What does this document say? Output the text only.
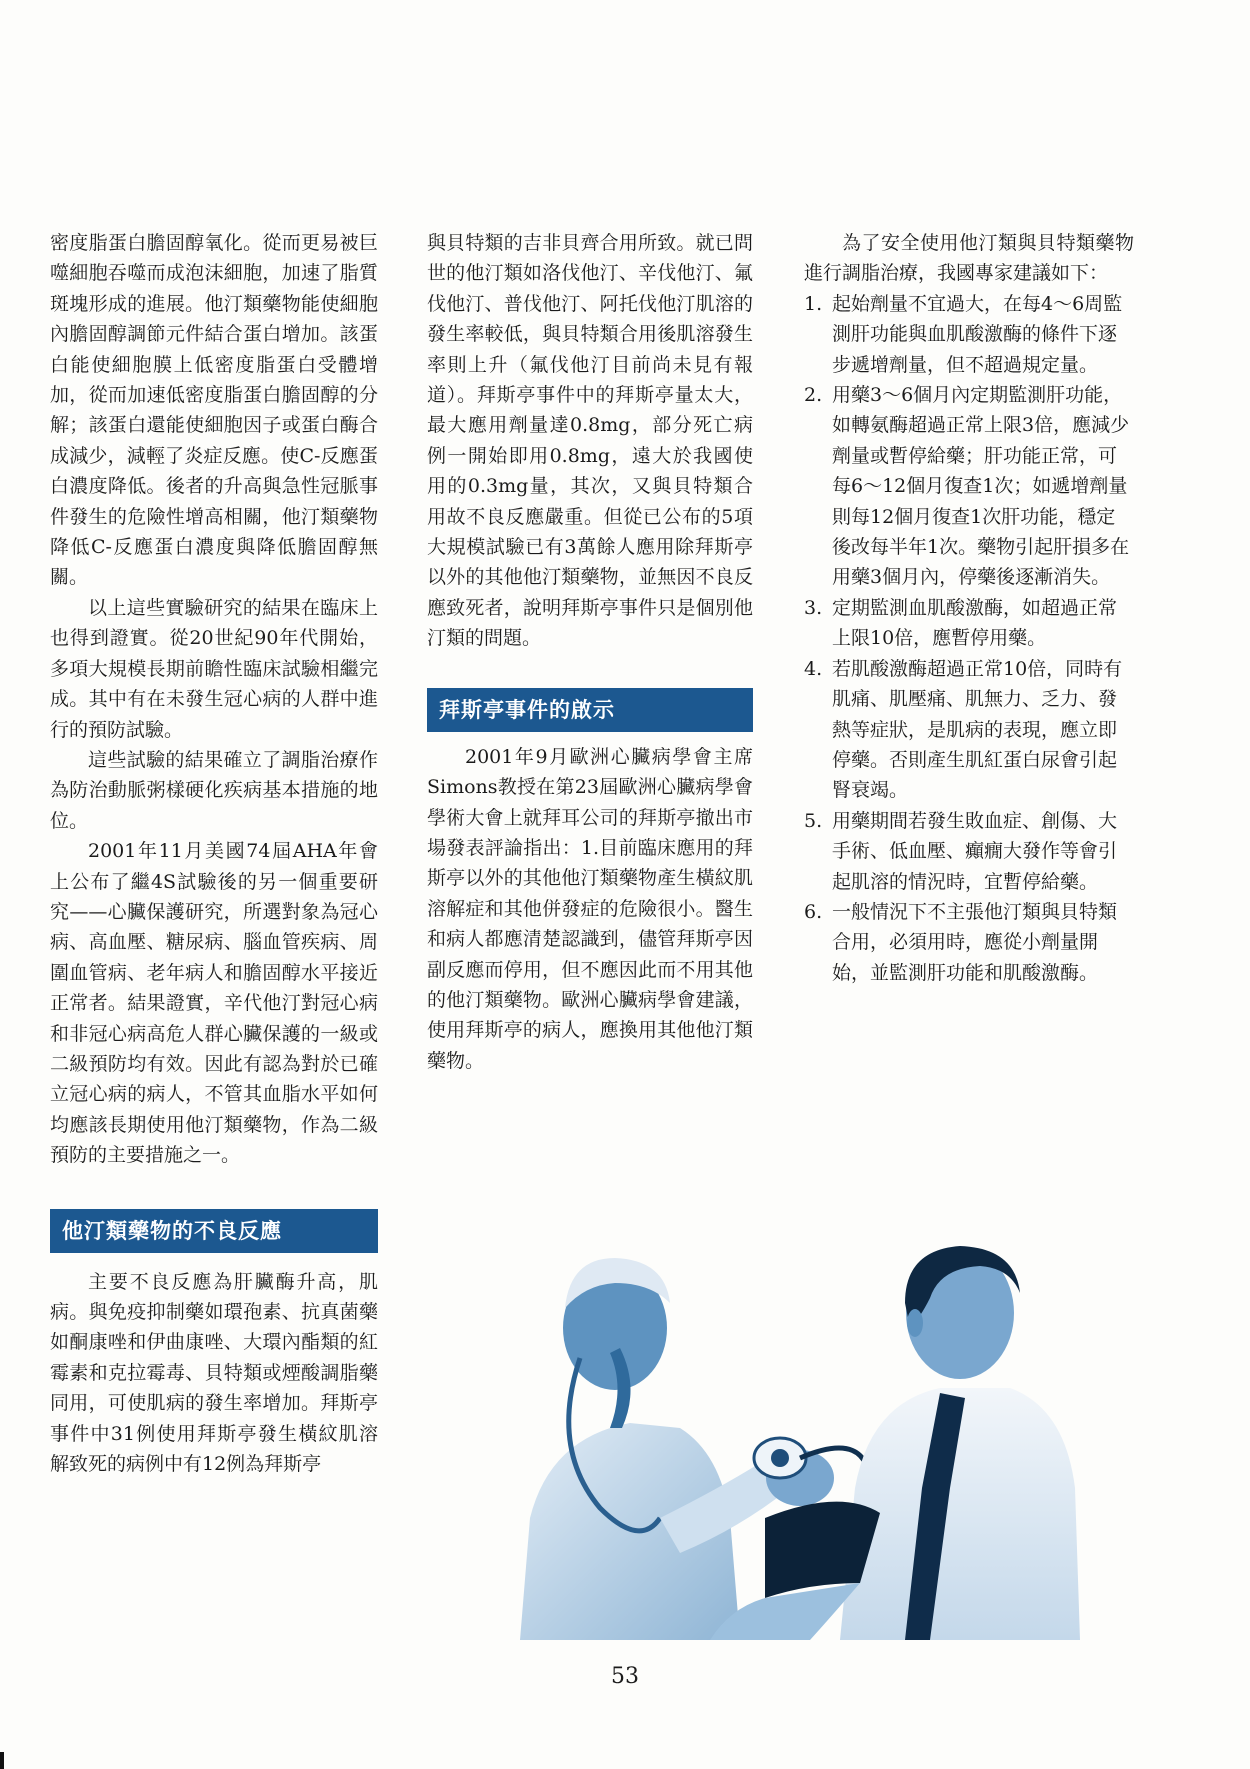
密度脂蛋白膽固醇氧化。從而更易被巨噬細胞吞噬而成泡沫細胞，加速了脂質斑塊形成的進展。他汀類藥物能使細胞內膽固醇調節元件結合蛋白增加。該蛋白能使細胞膜上低密度脂蛋白受體增加，從而加速低密度脂蛋白膽固醇的分解；該蛋白還能使細胞因子或蛋白酶合成減少，減輕了炎症反應。使C-反應蛋白濃度降低。後者的升高與急性冠脈事件發生的危險性增高相關，他汀類藥物降低C-反應蛋白濃度與降低膽固醇無關。

以上這些實驗研究的結果在臨床上也得到證實。從20世紀90年代開始，多項大規模長期前瞻性臨床試驗相繼完成。其中有在未發生冠心病的人群中進行的預防試驗。

這些試驗的結果確立了調脂治療作為防治動脈粥樣硬化疾病基本措施的地位。

2001年11月美國74屆AHA年會上公布了繼4S試驗後的另一個重要研究——心臟保護研究，所選對象為冠心病、高血壓、糖尿病、腦血管疾病、周圍血管病、老年病人和膽固醇水平接近正常者。結果證實，辛代他汀對冠心病和非冠心病高危人群心臟保護的一級或二級預防均有效。因此有認為對於已確立冠心病的病人，不管其血脂水平如何均應該長期使用他汀類藥物，作為二級預防的主要措施之一。

他汀類藥物的不良反應

主要不良反應為肝臟酶升高，肌病。與免疫抑制藥如環孢素、抗真菌藥如酮康唑和伊曲康唑、大環內酯類的紅霉素和克拉霉毒、貝特類或煙酸調脂藥同用，可使肌病的發生率增加。拜斯亭事件中31例使用拜斯亭發生橫紋肌溶解致死的病例中有12例為拜斯亭

與貝特類的吉非貝齊合用所致。就已問世的他汀類如洛伐他汀、辛伐他汀、氟伐他汀、普伐他汀、阿托伐他汀肌溶的發生率較低，與貝特類合用後肌溶發生率則上升（氟伐他汀目前尚未見有報道）。拜斯亭事件中的拜斯亭量太大，最大應用劑量達0.8mg，部分死亡病例一開始即用0.8mg，遠大於我國使用的0.3mg量，其次，又與貝特類合用故不良反應嚴重。但從已公布的5項大規模試驗已有3萬餘人應用除拜斯亭以外的其他他汀類藥物，並無因不良反應致死者，說明拜斯亭事件只是個別他汀類的問題。

拜斯亭事件的啟示

2001年9月歐洲心臟病學會主席Simons教授在第23屆歐洲心臟病學會學術大會上就拜耳公司的拜斯亭撤出市場發表評論指出：1.目前臨床應用的拜斯亭以外的其他他汀類藥物產生橫紋肌溶解症和其他併發症的危險很小。醫生和病人都應清楚認識到，儘管拜斯亭因副反應而停用，但不應因此而不用其他的他汀類藥物。歐洲心臟病學會建議，使用拜斯亭的病人，應換用其他他汀類藥物。

為了安全使用他汀類與貝特類藥物進行調脂治療，我國專家建議如下：

1. 起始劑量不宜過大，在每4～6周監測肝功能與血肌酸激酶的條件下逐步遞增劑量，但不超過規定量。
2. 用藥3～6個月內定期監測肝功能，如轉氨酶超過正常上限3倍，應減少劑量或暫停給藥；肝功能正常，可每6～12個月復查1次；如遞增劑量則每12個月復查1次肝功能，穩定後改每半年1次。藥物引起肝損多在用藥3個月內，停藥後逐漸消失。
3. 定期監測血肌酸激酶，如超過正常上限10倍，應暫停用藥。
4. 若肌酸激酶超過正常10倍，同時有肌痛、肌壓痛、肌無力、乏力、發熱等症狀，是肌病的表現，應立即停藥。否則產生肌紅蛋白尿會引起腎衰竭。
5. 用藥期間若發生敗血症、創傷、大手術、低血壓、癲癇大發作等會引起肌溶的情況時，宜暫停給藥。
6. 一般情況下不主張他汀類與貝特類合用，必須用時，應從小劑量開始，並監測肝功能和肌酸激酶。
53
